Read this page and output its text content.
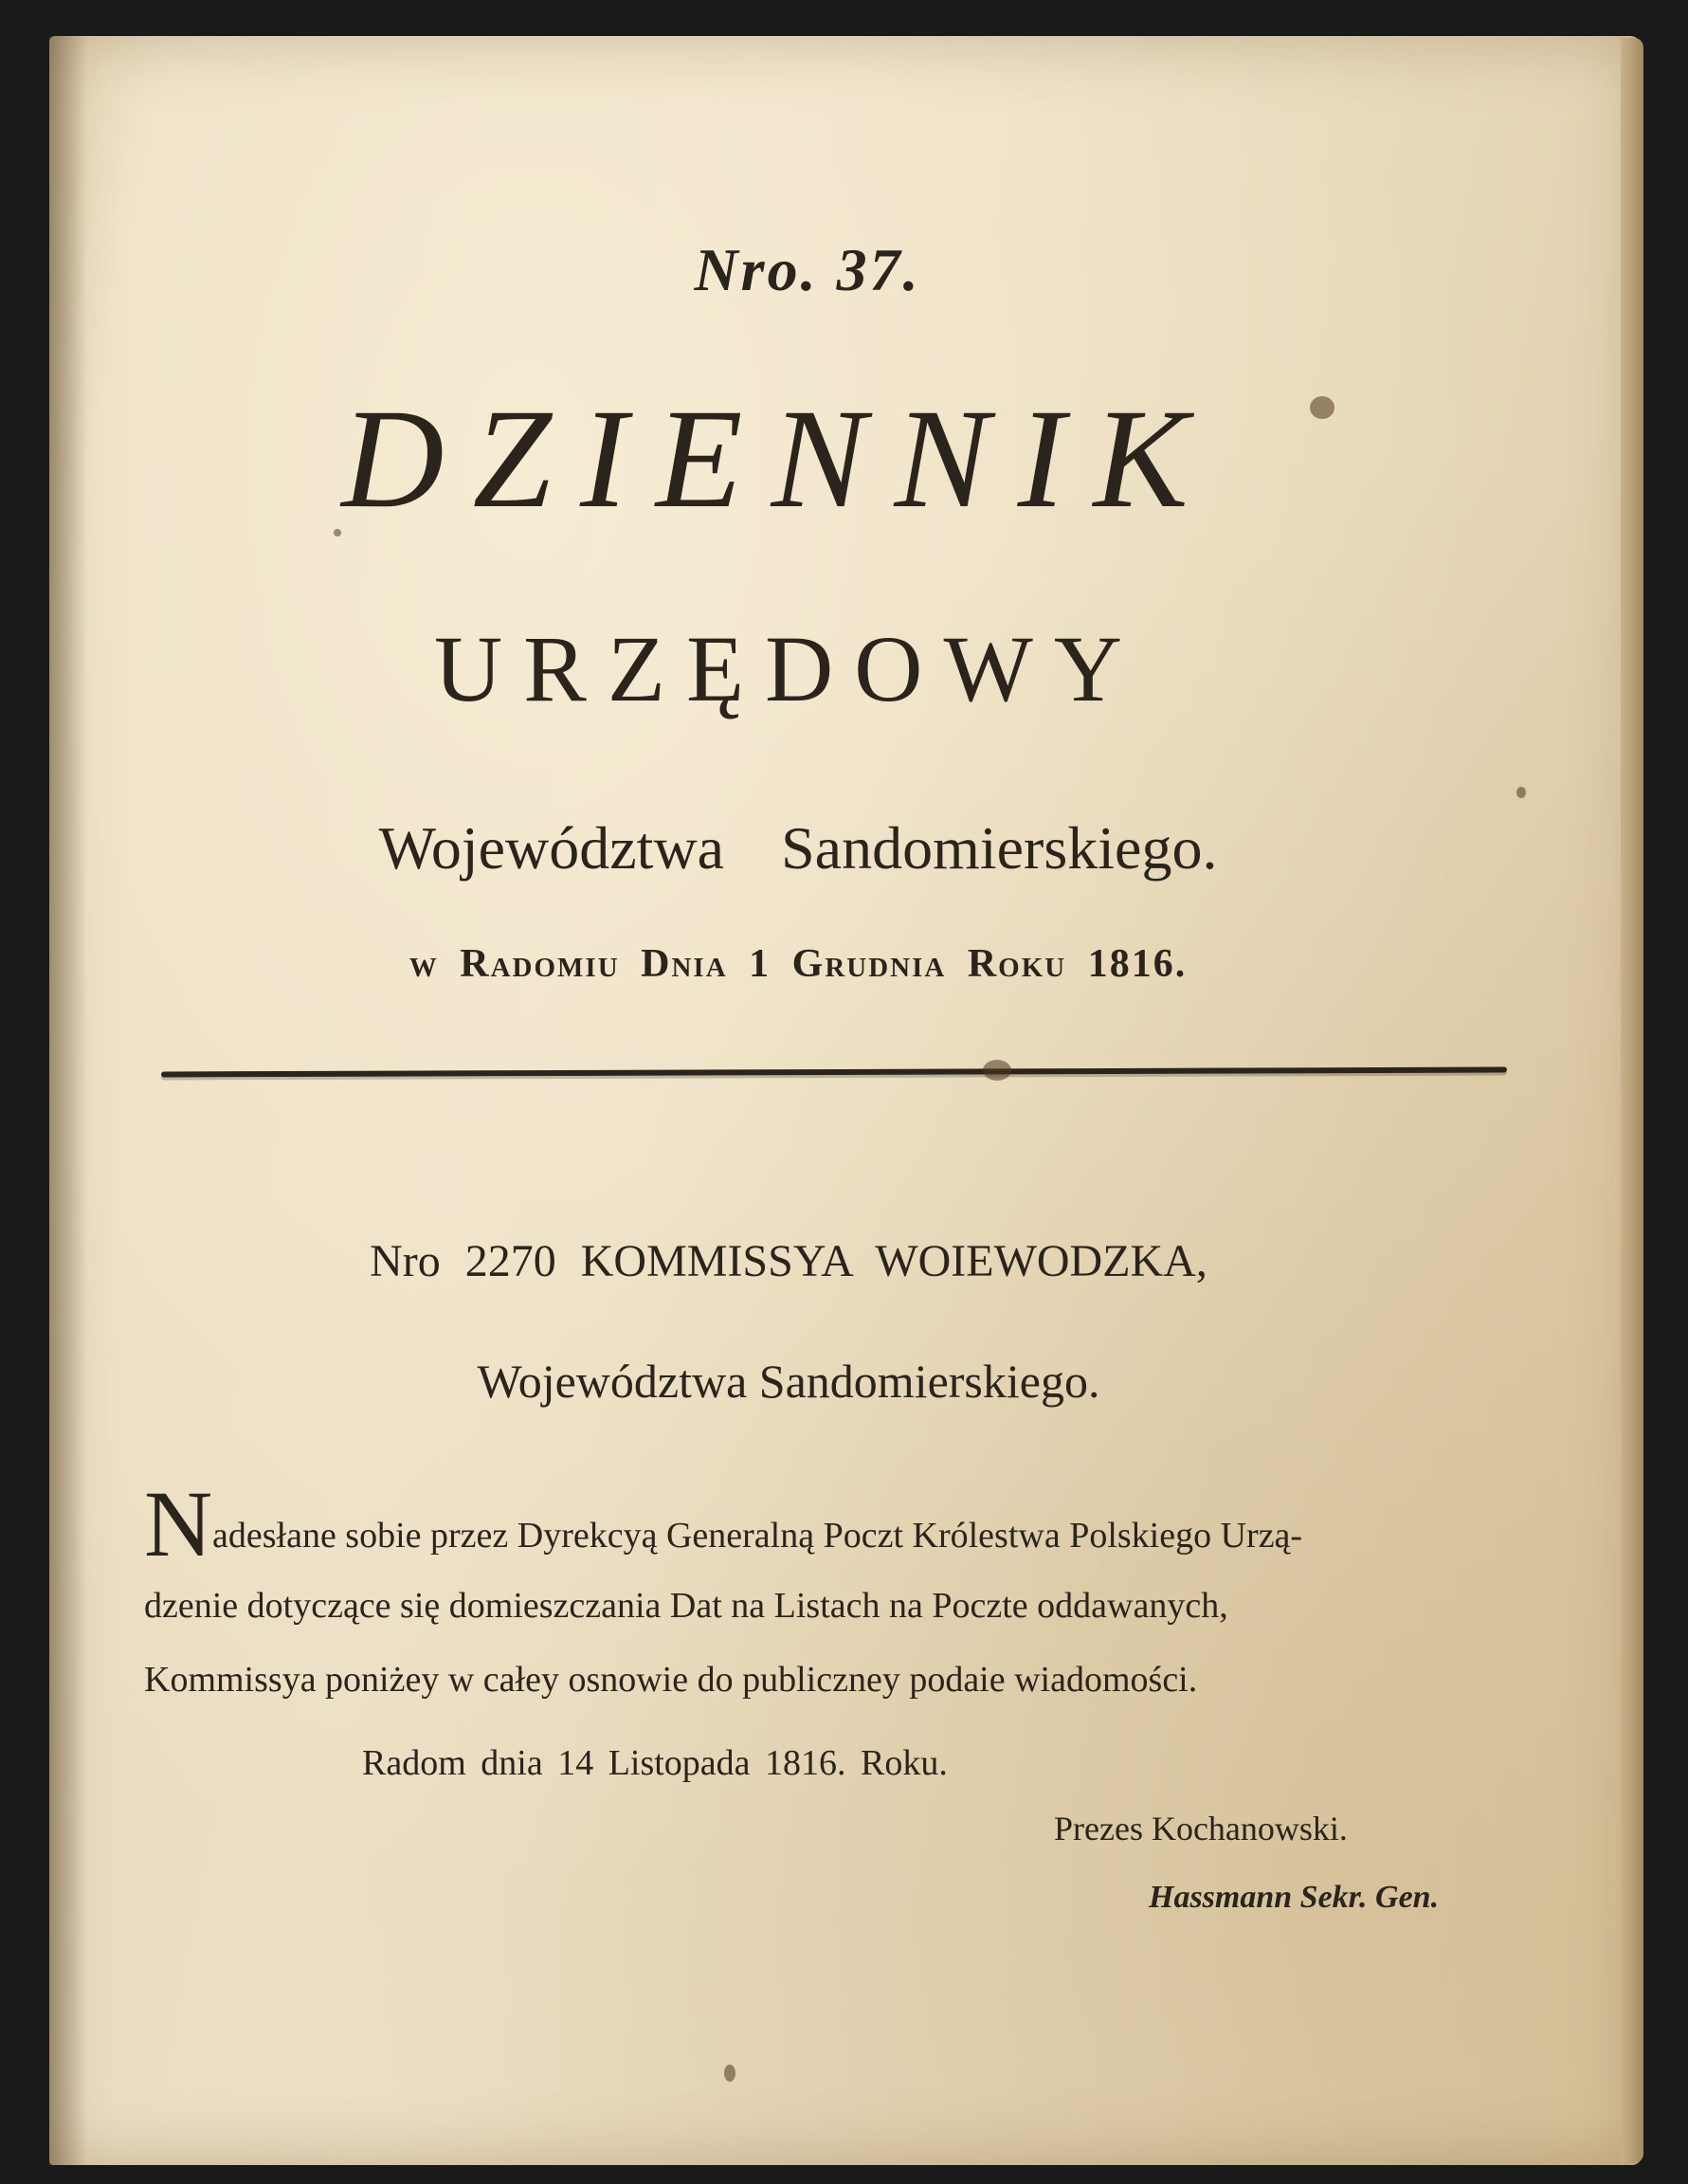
Nro. 37.
DZIENNIK
URZĘDOWY
Województwa Sandomierskiego.
w Radomiu Dnia 1 Grudnia Roku 1816.
Nro 2270 KOMMISSYA WOIEWODZKA,
Województwa Sandomierskiego.
N adesłane sobie przez Dyrekcyą Generalną Poczt Królestwa Polskiego Urzą-
dzenie dotyczące się domieszczania Dat na Listach na Poczte oddawanych,
Kommissya poniżey w całey osnowie do publiczney podaie wiadomości.
Radom dnia 14 Listopada 1816. Roku.
Prezes Kochanowski.
Hassmann Sekr. Gen.
